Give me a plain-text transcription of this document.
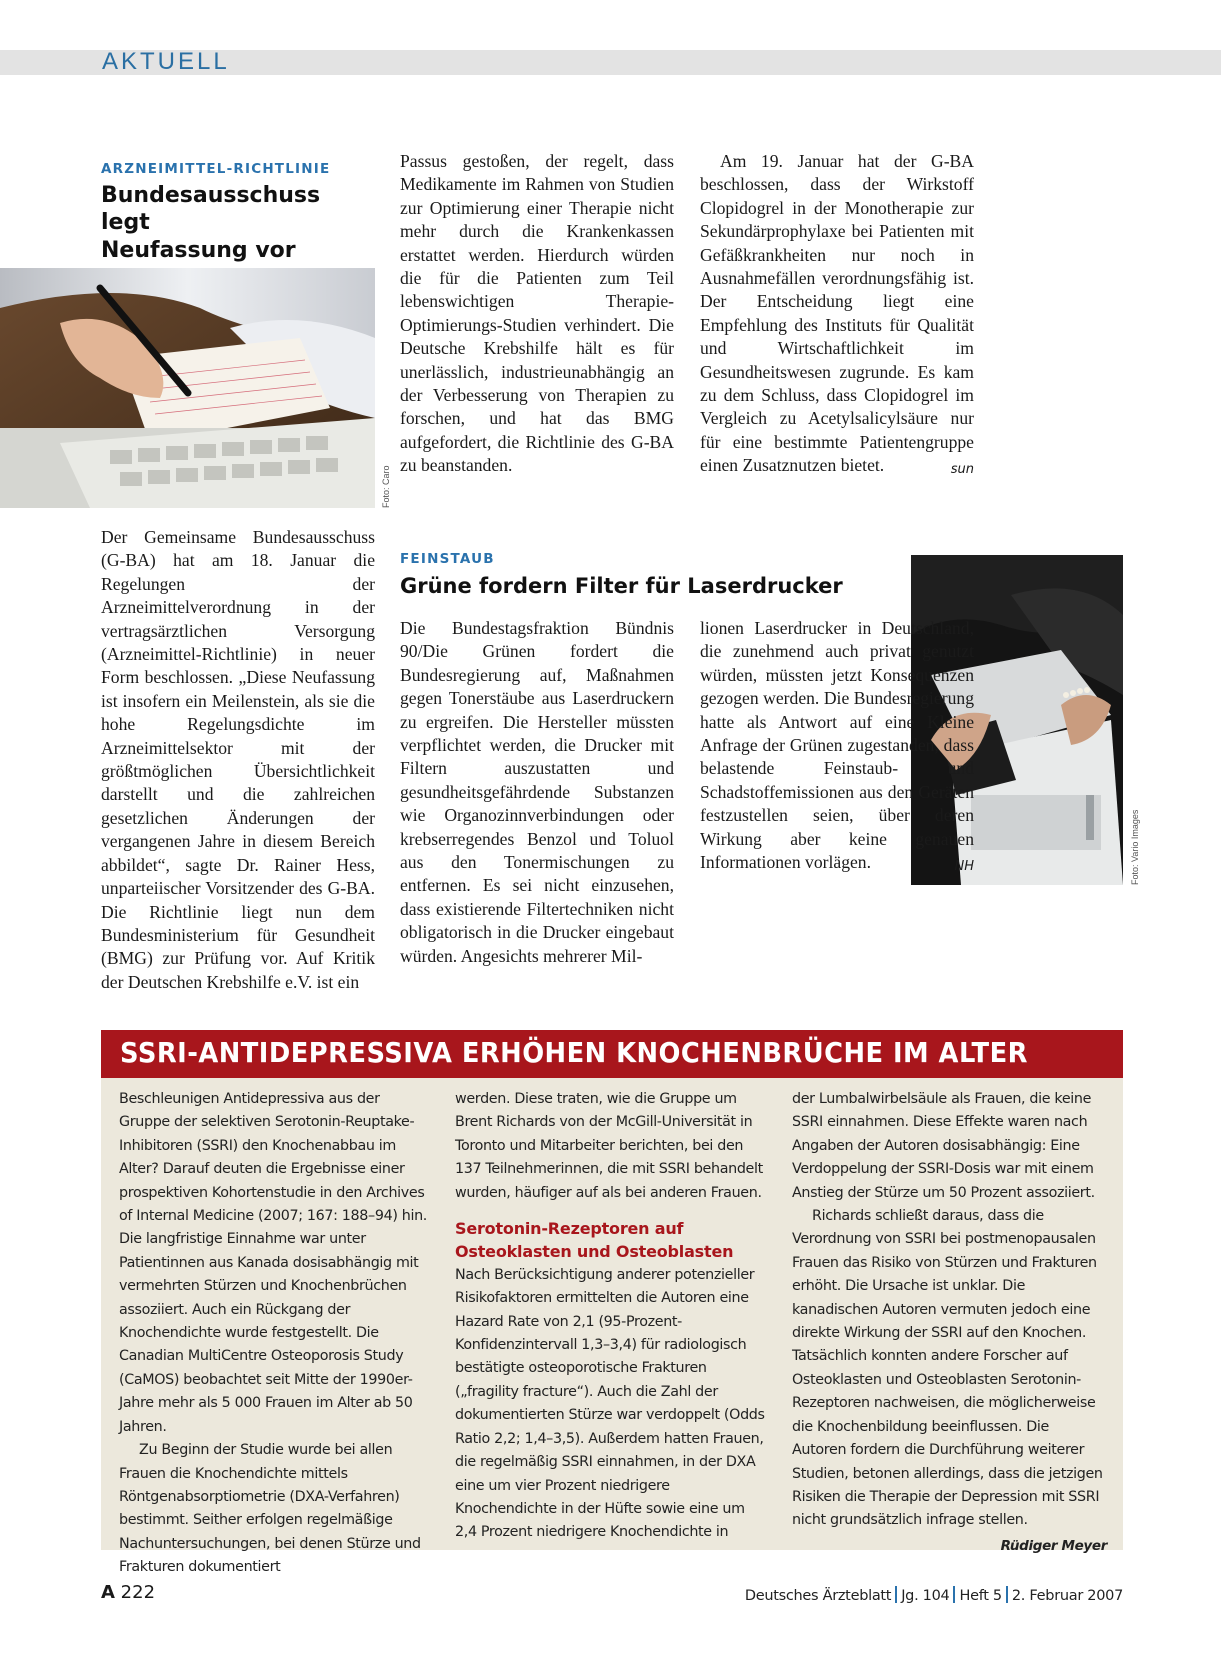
AKTUELL
ARZNEIMITTEL-RICHTLINIE
Bundesausschuss legt
Neufassung vor
Foto: Caro

Der Gemeinsame Bundesausschuss (G-BA) hat am 18. Januar die Regelungen der Arzneimittelverordnung in der vertragsärztlichen Versorgung (Arzneimittel-Richtlinie) in neuer Form beschlossen. „Diese Neufassung ist insofern ein Meilenstein, als sie die hohe Regelungsdichte im Arzneimittelsektor mit der größtmöglichen Übersichtlichkeit darstellt und die zahlreichen gesetzlichen Änderungen der vergangenen Jahre in diesem Bereich abbildet“, sagte Dr. Rainer Hess, unparteiischer Vorsitzender des G-BA. Die Richtlinie liegt nun dem Bundesministerium für Gesundheit (BMG) zur Prüfung vor. Auf Kritik der Deutschen Krebshilfe e.V. ist ein

Passus gestoßen, der regelt, dass Medikamente im Rahmen von Studien zur Optimierung einer Therapie nicht mehr durch die Krankenkassen erstattet werden. Hierdurch würden die für die Patienten zum Teil lebenswichtigen Therapie-Optimierungs-Studien verhindert. Die Deutsche Krebshilfe hält es für unerlässlich, industrieunabhängig an der Verbesserung von Therapien zu forschen, und hat das BMG aufgefordert, die Richtlinie des G-BA zu beanstanden.

Am 19. Januar hat der G-BA beschlossen, dass der Wirkstoff Clopidogrel in der Monotherapie zur Sekundärprophylaxe bei Patienten mit Gefäßkrankheiten nur noch in Ausnahmefällen verordnungsfähig ist. Der Entscheidung liegt eine Empfehlung des Instituts für Qualität und Wirtschaftlichkeit im Gesundheitswesen zugrunde. Es kam zu dem Schluss, dass Clopidogrel im Vergleich zu Acetylsalicylsäure nur für eine bestimmte Patientengruppe einen Zusatznutzen bietet.	sun

FEINSTAUB
Grüne fordern Filter für Laserdrucker
Foto: Vario Images

Die Bundestagsfraktion Bündnis 90/Die Grünen fordert die Bundesregierung auf, Maßnahmen gegen Tonerstäube aus Laserdruckern zu ergreifen. Die Hersteller müssten verpflichtet werden, die Drucker mit Filtern auszustatten und gesundheitsgefährdende Substanzen wie Organozinnverbindungen oder krebserregendes Benzol und Toluol aus den Tonermischungen zu entfernen. Es sei nicht einzusehen, dass existierende Filtertechniken nicht obligatorisch in die Drucker eingebaut würden. Angesichts mehrerer Mil-

lionen Laserdrucker in Deutschland, die zunehmend auch privat genutzt würden, müssten jetzt Konsequenzen gezogen werden. Die Bundesregierung hatte als Antwort auf eine Kleine Anfrage der Grünen zugestanden, dass belastende Feinstaub- und Schadstoffemissionen aus den Geräten festzustellen seien, über deren Wirkung aber keine genauen Informationen vorlägen.	NH

SSRI-ANTIDEPRESSIVA ERHÖHEN KNOCHENBRÜCHE IM ALTER

Beschleunigen Antidepressiva aus der Gruppe der selektiven Serotonin-Reuptake-Inhibitoren (SSRI) den Knochenabbau im Alter? Darauf deuten die Ergebnisse einer prospektiven Kohortenstudie in den Archives of Internal Medicine (2007; 167: 188–94) hin. Die langfristige Einnahme war unter Patientinnen aus Kanada dosisabhängig mit vermehrten Stürzen und Knochenbrüchen assoziiert. Auch ein Rückgang der Knochendichte wurde festgestellt. Die Canadian MultiCentre Osteoporosis Study (CaMOS) beobachtet seit Mitte der 1990er-Jahre mehr als 5 000 Frauen im Alter ab 50 Jahren.

Zu Beginn der Studie wurde bei allen Frauen die Knochendichte mittels Röntgenabsorptiometrie (DXA-Verfahren) bestimmt. Seither erfolgen regelmäßige Nachuntersuchungen, bei denen Stürze und Frakturen dokumentiert

werden. Diese traten, wie die Gruppe um Brent Richards von der McGill-Universität in Toronto und Mitarbeiter berichten, bei den 137 Teilnehmerinnen, die mit SSRI behandelt wurden, häufiger auf als bei anderen Frauen.

Serotonin-Rezeptoren auf Osteoklasten und Osteoblasten

Nach Berücksichtigung anderer potenzieller Risikofaktoren ermittelten die Autoren eine Hazard Rate von 2,1 (95-Prozent-Konfidenzintervall 1,3–3,4) für radiologisch bestätigte osteoporotische Frakturen („fragility fracture“). Auch die Zahl der dokumentierten Stürze war verdoppelt (Odds Ratio 2,2; 1,4–3,5). Außerdem hatten Frauen, die regelmäßig SSRI einnahmen, in der DXA eine um vier Prozent niedrigere Knochendichte in der Hüfte sowie eine um 2,4 Prozent niedrigere Knochendichte in

der Lumbalwirbelsäule als Frauen, die keine SSRI einnahmen. Diese Effekte waren nach Angaben der Autoren dosisabhängig: Eine Verdoppelung der SSRI-Dosis war mit einem Anstieg der Stürze um 50 Prozent assoziiert.

Richards schließt daraus, dass die Verordnung von SSRI bei postmenopausalen Frauen das Risiko von Stürzen und Frakturen erhöht. Die Ursache ist unklar. Die kanadischen Autoren vermuten jedoch eine direkte Wirkung der SSRI auf den Knochen. Tatsächlich konnten andere Forscher auf Osteoklasten und Osteoblasten Serotonin-Rezeptoren nachweisen, die möglicherweise die Knochenbildung beeinflussen. Die Autoren fordern die Durchführung weiterer Studien, betonen allerdings, dass die jetzigen Risiken die Therapie der Depression mit SSRI nicht grundsätzlich infrage stellen.
Rüdiger Meyer

A 222	Deutsches Ärzteblatt Jg. 104 Heft 5 2. Februar 2007
